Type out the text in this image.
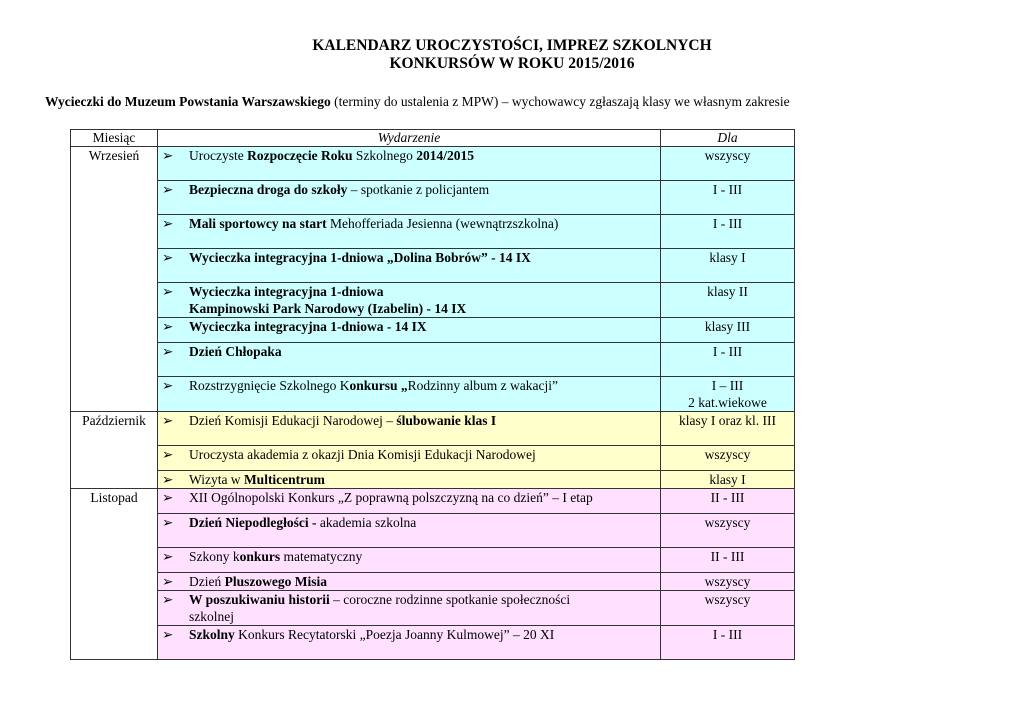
KALENDARZ UROCZYSTOŚCI, IMPREZ SZKOLNYCH
KONKURSÓW W ROKU 2015/2016
Wycieczki do Muzeum Powstania Warszawskiego (terminy do ustalenia z MPW) – wychowawcy zgłaszają klasy we własnym zakresie
Miesiąc	Wydarzenie	Dla
Wrzesień	➢ Uroczyste Rozpoczęcie Roku Szkolnego 2014/2015	wszyscy

	➢ Bezpieczna droga do szkoły – spotkanie z policjantem	I - III

	➢ Mali sportowcy na start Mehofferiada Jesienna (wewnątrzszkolna)	I - III

	➢ Wycieczka integracyjna 1-dniowa „Dolina Bobrów” - 14 IX	klasy I

	➢ Wycieczka integracyjna 1-dniowa
Kampinowski Park Narodowy (Izabelin) - 14 IX	klasy II

	➢ Wycieczka integracyjna 1-dniowa - 14 IX	klasy III

	➢ Dzień Chłopaka	I - III

	➢ Rozstrzygnięcie Szkolnego Konkursu „Rodzinny album z wakacji”	I – III
2 kat.wiekowe
Październik	➢ Dzień Komisji Edukacji Narodowej – ślubowanie klas I	klasy I oraz kl. III

	➢ Uroczysta akademia z okazji Dnia Komisji Edukacji Narodowej	wszyscy

	➢ Wizyta w Multicentrum	klasy I
Listopad	➢ XII Ogólnopolski Konkurs „Z poprawną polszczyzną na co dzień” – I etap	II - III

	➢ Dzień Niepodległości - akademia szkolna	wszyscy

	➢ Szkony konkurs matematyczny	II - III

	➢ Dzień Pluszowego Misia	wszyscy

	➢ W poszukiwaniu historii – coroczne rodzinne spotkanie społeczności
szkolnej	wszyscy

	➢ Szkolny Konkurs Recytatorski „Poezja Joanny Kulmowej” – 20 XI	I - III
